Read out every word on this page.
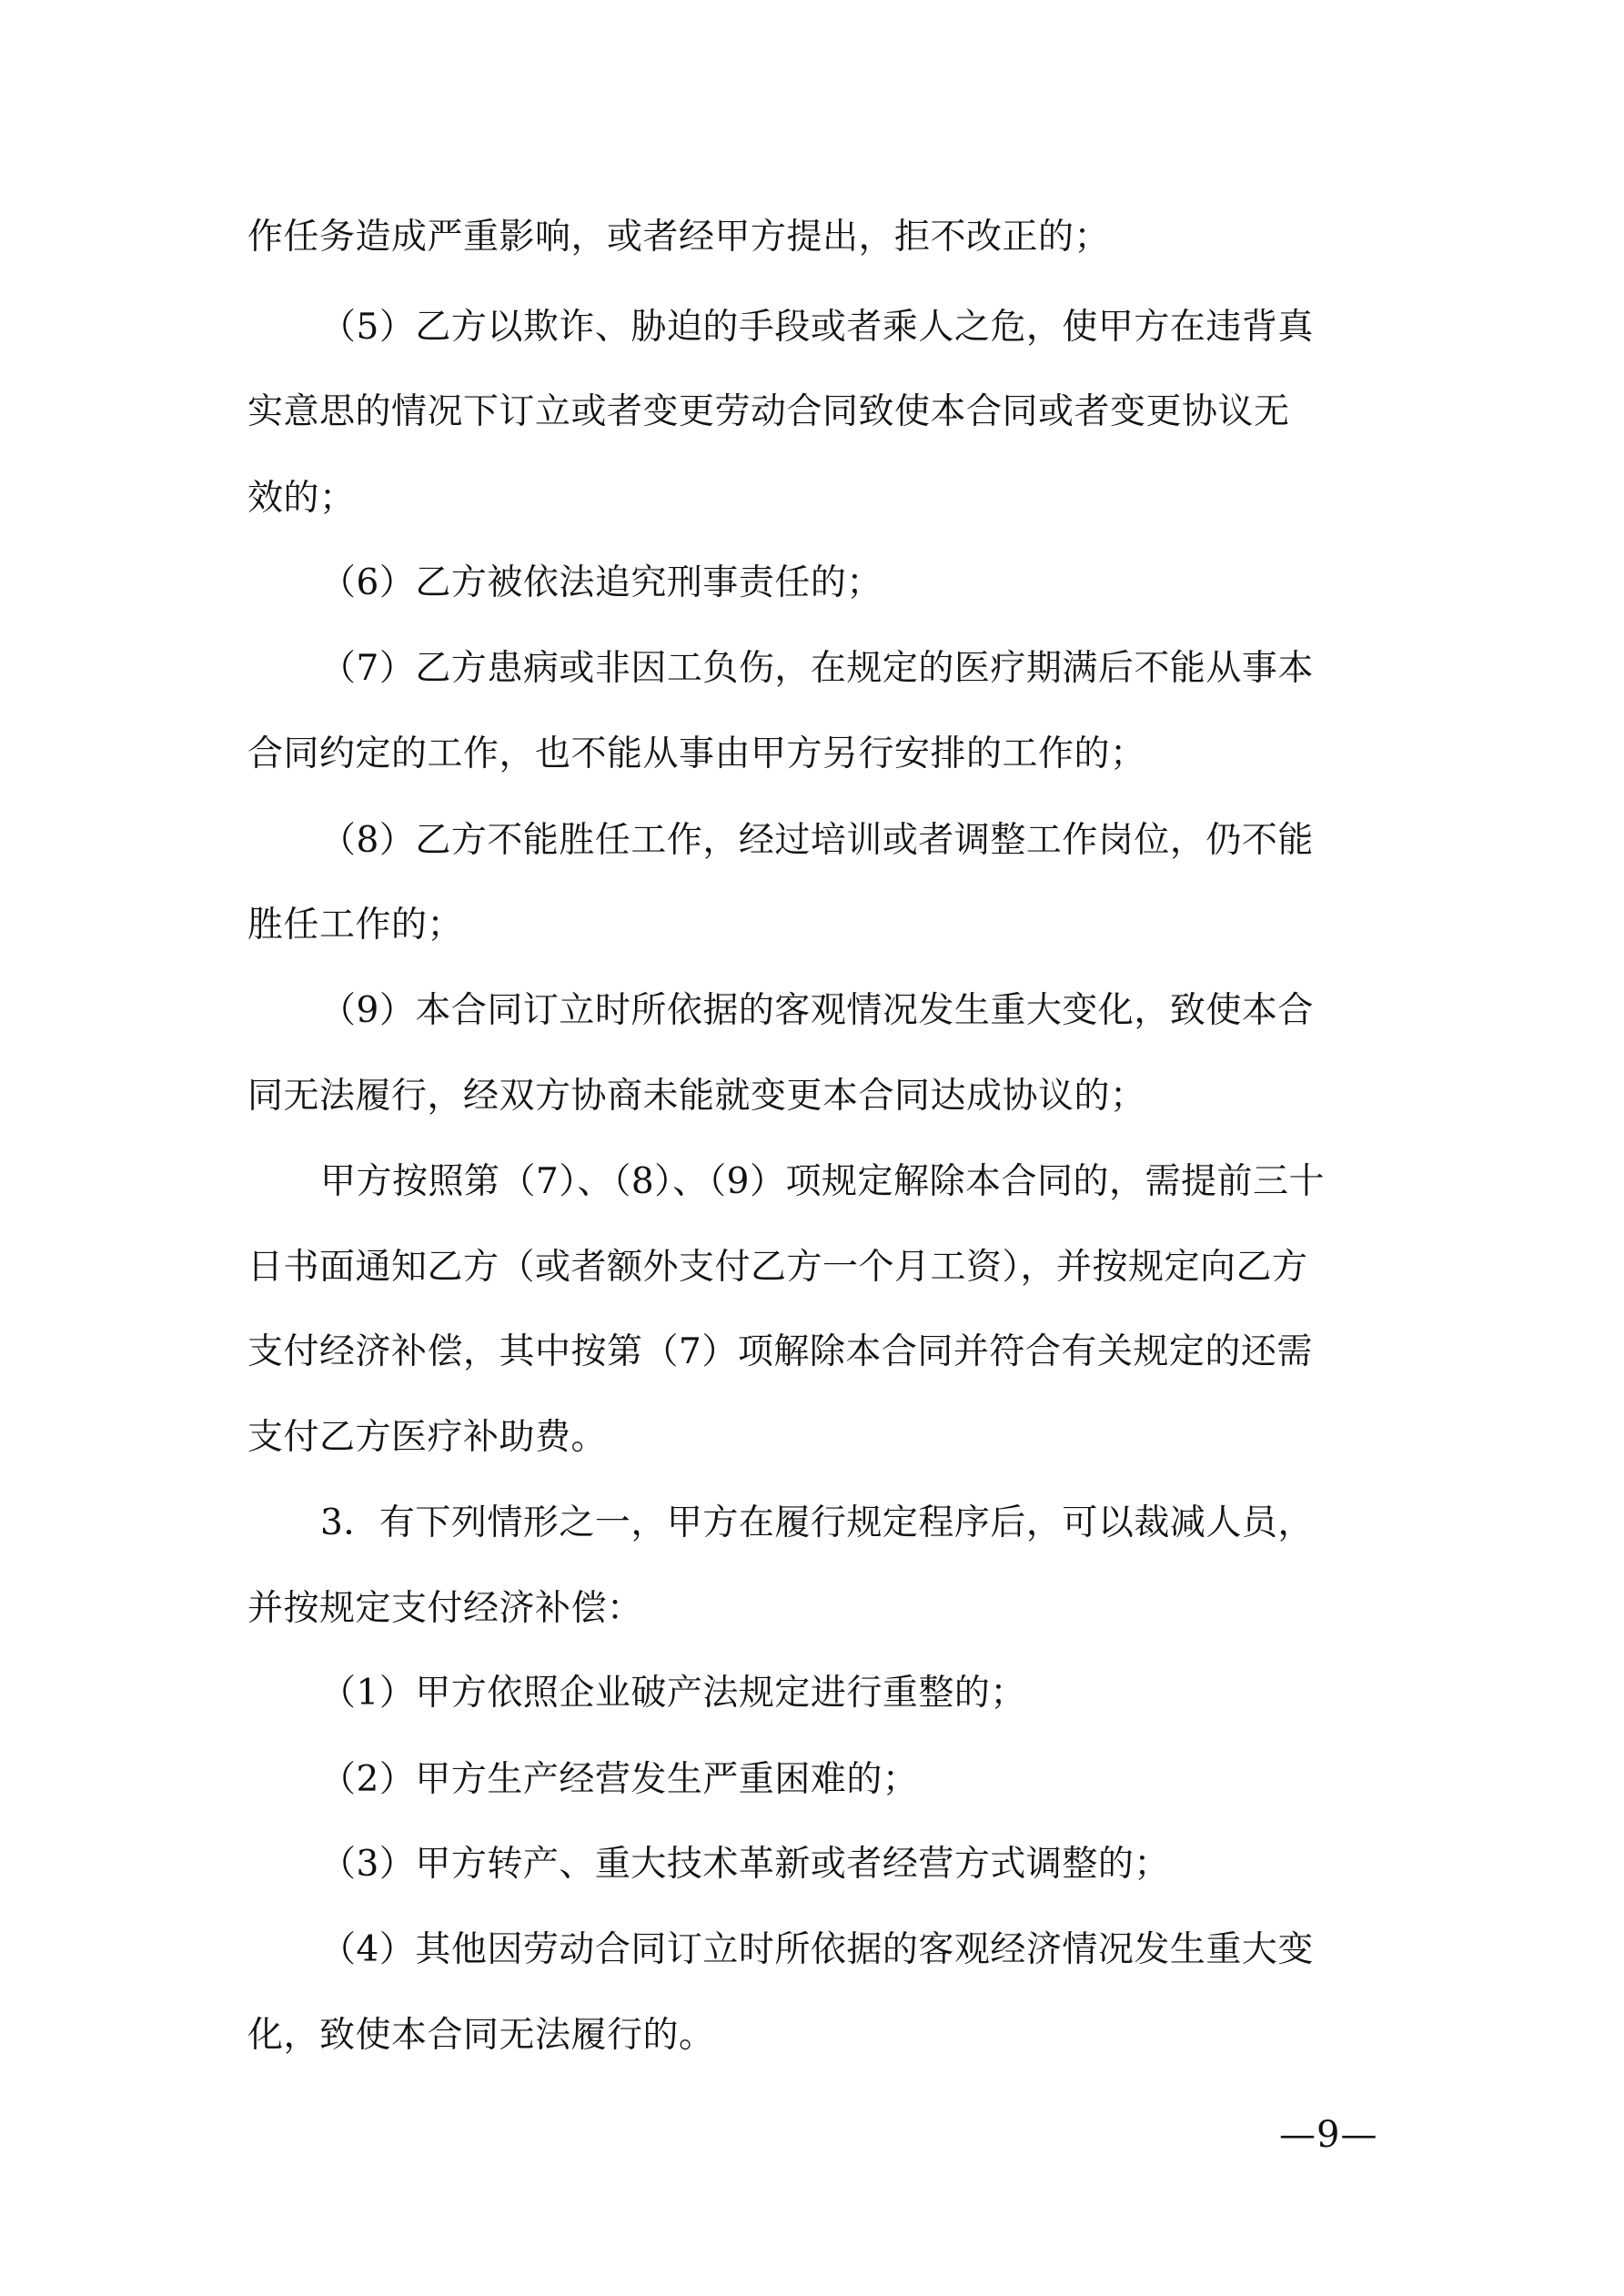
作任务造成严重影响，或者经甲方提出，拒不改正的；
（5）乙方以欺诈、胁迫的手段或者乘人之危，使甲方在违背真
实意思的情况下订立或者变更劳动合同致使本合同或者变更协议无
效的；
（6）乙方被依法追究刑事责任的；
（7）乙方患病或非因工负伤，在规定的医疗期满后不能从事本
合同约定的工作，也不能从事由甲方另行安排的工作的；
（8）乙方不能胜任工作，经过培训或者调整工作岗位，仍不能
胜任工作的；
（9）本合同订立时所依据的客观情况发生重大变化，致使本合
同无法履行，经双方协商未能就变更本合同达成协议的；
甲方按照第（7）、（8）、（9）项规定解除本合同的，需提前三十
日书面通知乙方（或者额外支付乙方一个月工资），并按规定向乙方
支付经济补偿，其中按第（7）项解除本合同并符合有关规定的还需
支付乙方医疗补助费。
3．有下列情形之一，甲方在履行规定程序后，可以裁减人员，
并按规定支付经济补偿：
（1）甲方依照企业破产法规定进行重整的；
（2）甲方生产经营发生严重困难的；
（3）甲方转产、重大技术革新或者经营方式调整的；
（4）其他因劳动合同订立时所依据的客观经济情况发生重大变
化，致使本合同无法履行的。
—9—
